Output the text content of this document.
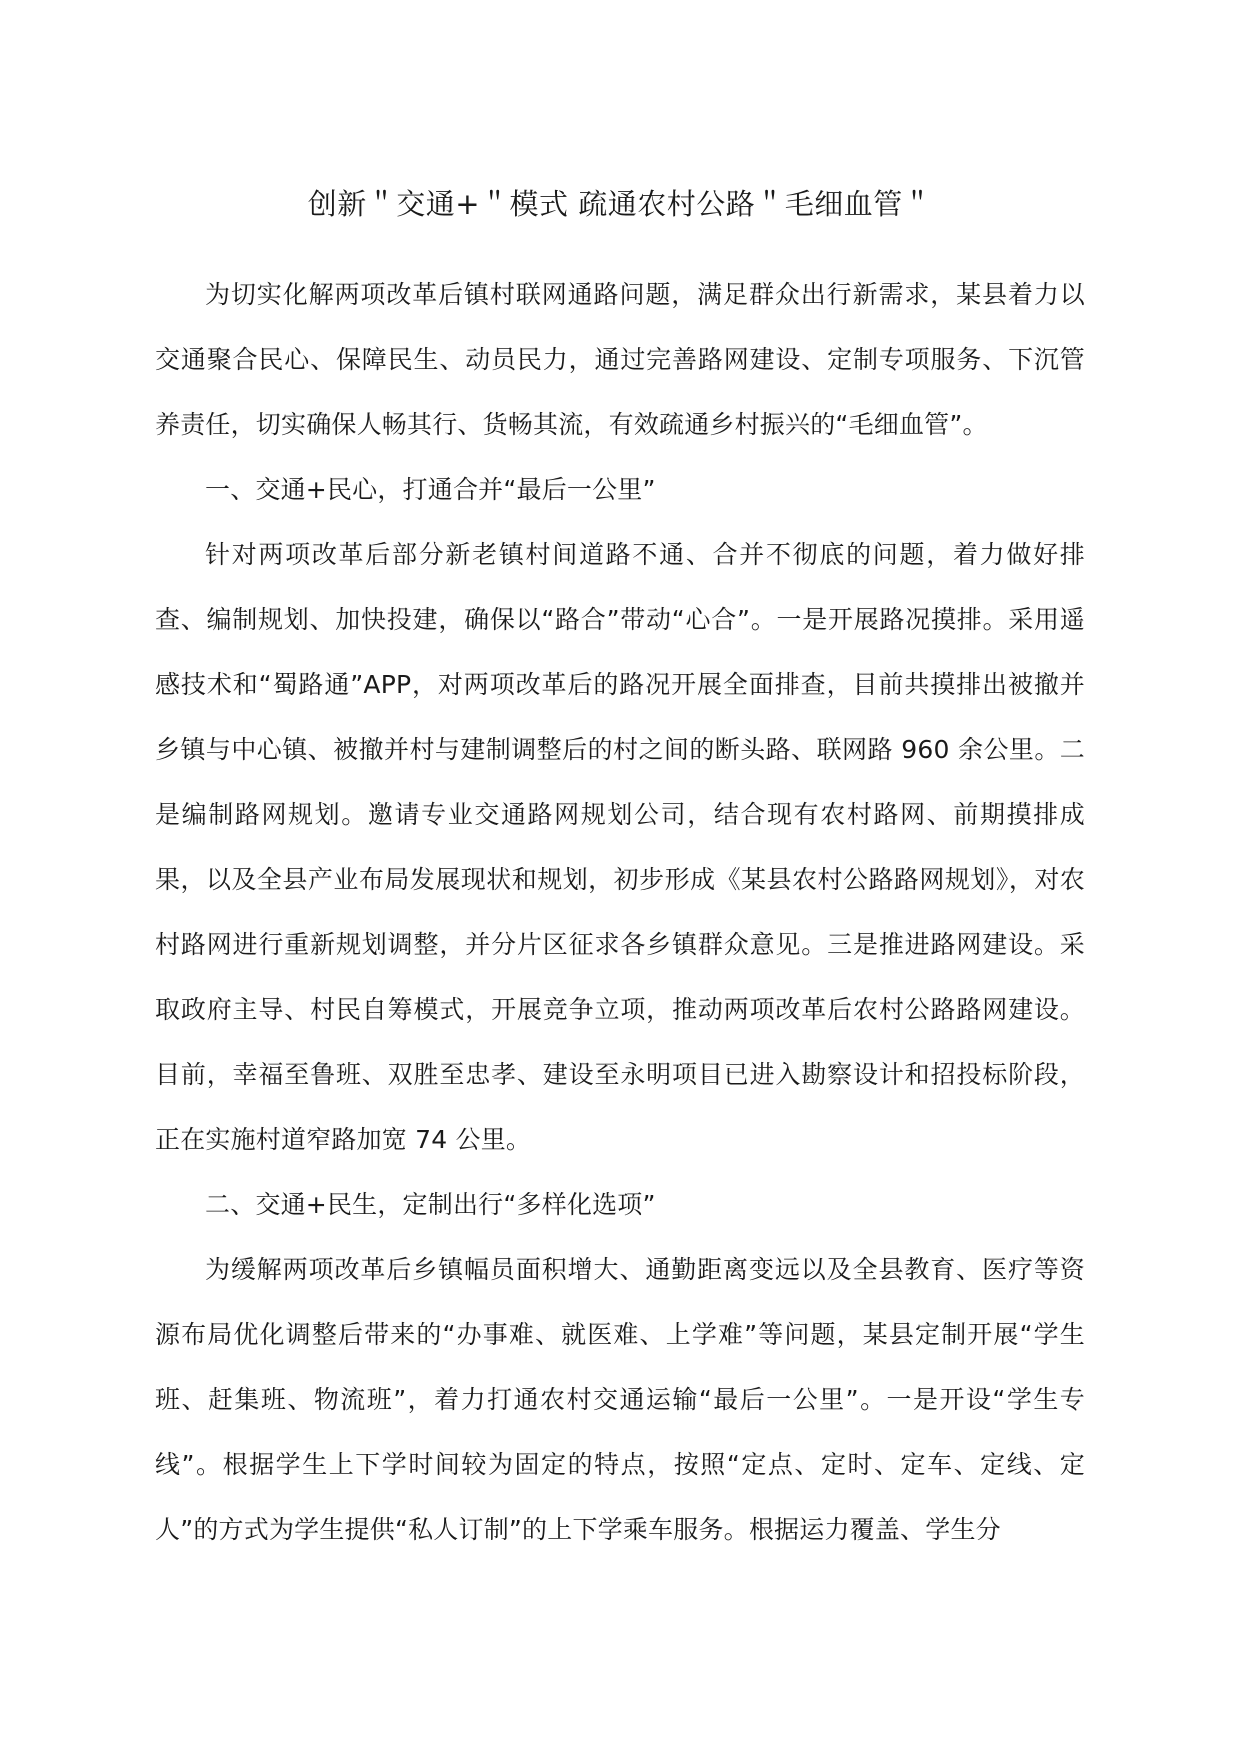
创新＂交通+＂模式 疏通农村公路＂毛细血管＂

为切实化解两项改革后镇村联网通路问题，满足群众出行新需求，某县着力以交通聚合民心、保障民生、动员民力，通过完善路网建设、定制专项服务、下沉管养责任，切实确保人畅其行、货畅其流，有效疏通乡村振兴的“毛细血管”。

一、交通+民心，打通合并“最后一公里”

针对两项改革后部分新老镇村间道路不通、合并不彻底的问题，着力做好排查、编制规划、加快投建，确保以“路合”带动“心合”。一是开展路况摸排。采用遥感技术和“蜀路通”APP，对两项改革后的路况开展全面排查，目前共摸排出被撤并乡镇与中心镇、被撤并村与建制调整后的村之间的断头路、联网路 960 余公里。二是编制路网规划。邀请专业交通路网规划公司，结合现有农村路网、前期摸排成果，以及全县产业布局发展现状和规划，初步形成《某县农村公路路网规划》，对农村路网进行重新规划调整，并分片区征求各乡镇群众意见。三是推进路网建设。采取政府主导、村民自筹模式，开展竞争立项，推动两项改革后农村公路路网建设。目前，幸福至鲁班、双胜至忠孝、建设至永明项目已进入勘察设计和招投标阶段，正在实施村道窄路加宽 74 公里。

二、交通+民生，定制出行“多样化选项”

为缓解两项改革后乡镇幅员面积增大、通勤距离变远以及全县教育、医疗等资源布局优化调整后带来的“办事难、就医难、上学难”等问题，某县定制开展“学生班、赶集班、物流班”，着力打通农村交通运输“最后一公里”。一是开设“学生专线”。根据学生上下学时间较为固定的特点，按照“定点、定时、定车、定线、定人”的方式为学生提供“私人订制”的上下学乘车服务。根据运力覆盖、学生分
